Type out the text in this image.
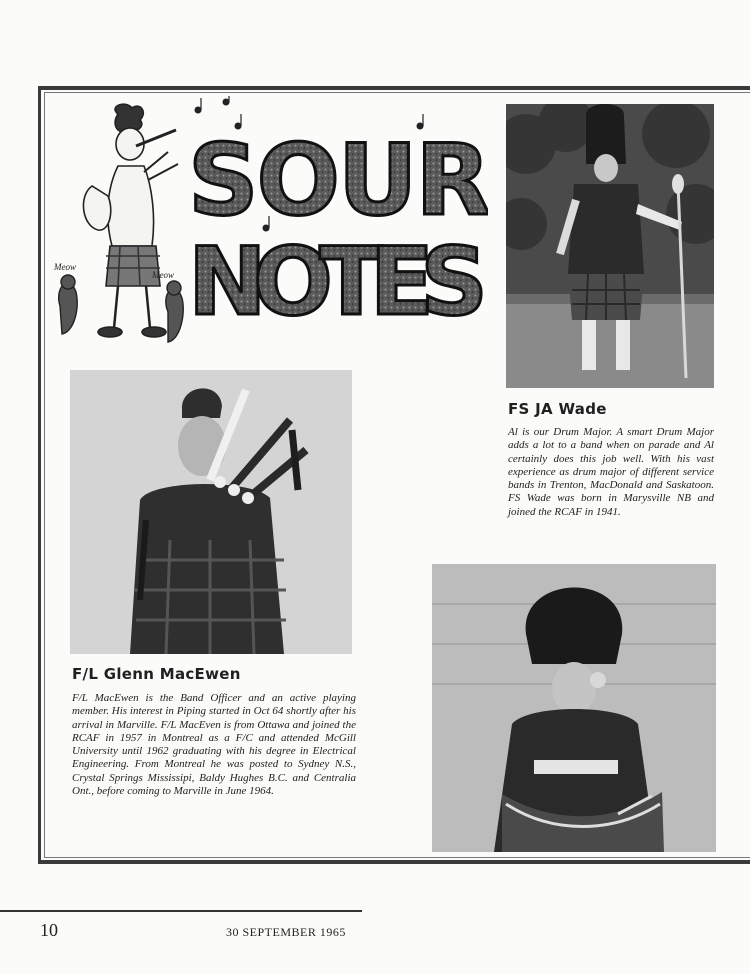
Meow
Meow
SOUR
NOTES
FS JA Wade
Al is our Drum Major. A smart Drum Major adds a lot to a band when on parade and Al certainly does this job well. With his vast experience as drum major of different service bands in Trenton, MacDonald and Saskatoon. FS Wade was born in Marysville NB and joined the RCAF in 1941.
F/L Glenn MacEwen
F/L MacEwen is the Band Officer and an active playing member. His interest in Piping started in Oct 64 shortly after his arrival in Marville. F/L MacEven is from Ottawa and joined the RCAF in 1957 in Montreal as a F/C and attended McGill University until 1962 graduating with his degree in Electrical Engineering. From Montreal he was posted to Sydney N.S., Crystal Springs Mississipi, Baldy Hughes B.C. and Centralia Ont., before coming to Marville in June 1964.
10	30 SEPTEMBER 1965
